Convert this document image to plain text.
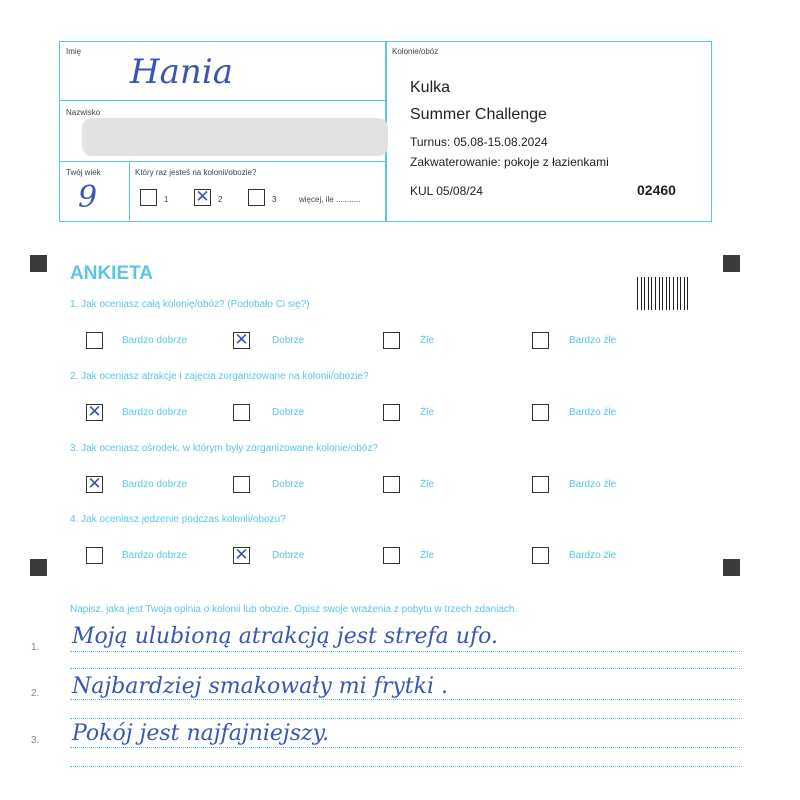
Imię
Hania
Nazwisko
Twój wiek
9
Który raz jesteś na kolonii/obozie?
1 ✕ 2	3	więcej, ile ...........
Kolonie/obóz
Kulka
Summer Challenge
Turnus: 05.08-15.08.2024
Zakwaterowanie: pokoje z łazienkami
KUL 05/08/24	02460
ANKIETA
1. Jak oceniasz całą kolonię/obóz? (Podobało Ci się?)
Bardzo dobrze	✕ Dobrze	Źle	Bardzo źle
2. Jak oceniasz atrakcje i zajęcia zorganizowane na kolonii/obozie?
✕ Bardzo dobrze	Dobrze	Źle	Bardzo źle
3. Jak oceniasz ośrodek, w którym były zorganizowane kolonie/obóz?
✕ Bardzo dobrze	Dobrze	Źle	Bardzo źle
4. Jak oceniasz jedzenie podczas kolonii/obozu?
Bardzo dobrze	✕ Dobrze	Źle	Bardzo źle
Napisz, jaka jest Twoja opinia o kolonii lub obozie. Opisz swoje wrażenia z pobytu w trzech zdaniach.
1. Moją ulubioną atrakcją jest strefa ufo.
2. Najbardziej smakowały mi frytki .
3. Pokój jest najfajniejszy.
